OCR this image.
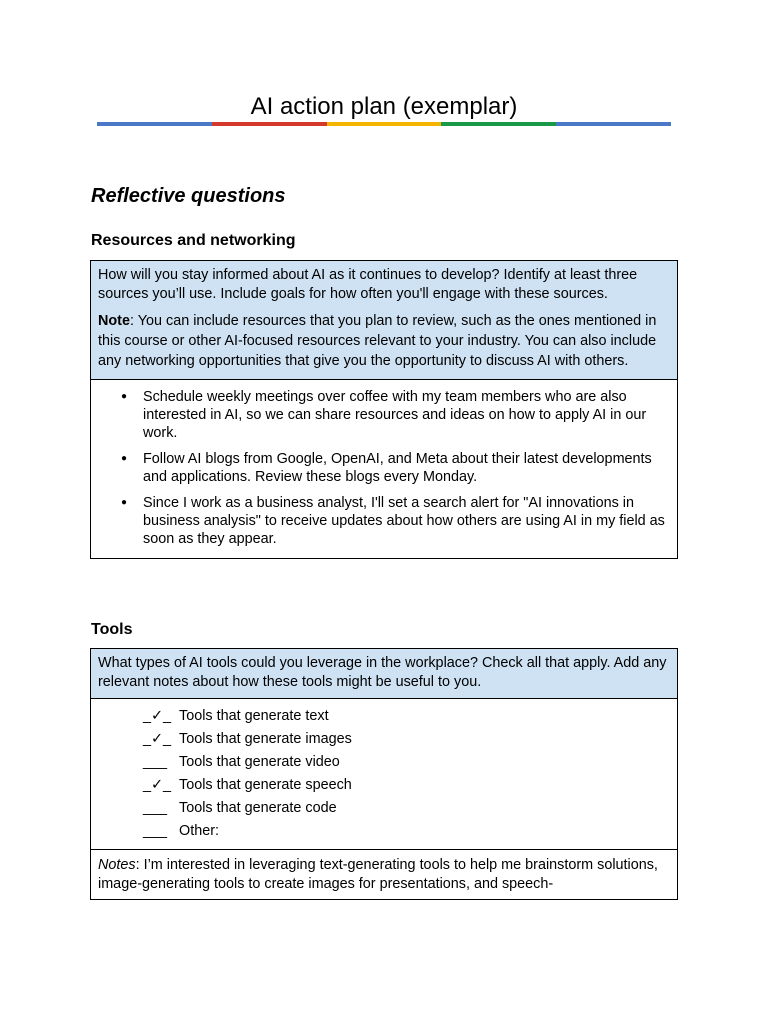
AI action plan (exemplar)
Reflective questions
Resources and networking

How will you stay informed about AI as it continues to develop? Identify at least three sources you’ll use. Include goals for how often you'll engage with these sources.

Note: You can include resources that you plan to review, such as the ones mentioned in this course or other AI-focused resources relevant to your industry. You can also include any networking opportunities that give you the opportunity to discuss AI with others.

● Schedule weekly meetings over coffee with my team members who are also interested in AI, so we can share resources and ideas on how to apply AI in our work.
● Follow AI blogs from Google, OpenAI, and Meta about their latest developments and applications. Review these blogs every Monday.
● Since I work as a business analyst, I'll set a search alert for "AI innovations in business analysis" to receive updates about how others are using AI in my field as soon as they appear.
Tools

What types of AI tools could you leverage in the workplace? Check all that apply. Add any relevant notes about how these tools might be useful to you.

_✓_ Tools that generate text
_✓_ Tools that generate images
___ Tools that generate video
_✓_ Tools that generate speech
___ Tools that generate code
___ Other:
Notes: I’m interested in leveraging text-generating tools to help me brainstorm solutions, image-generating tools to create images for presentations, and speech-
